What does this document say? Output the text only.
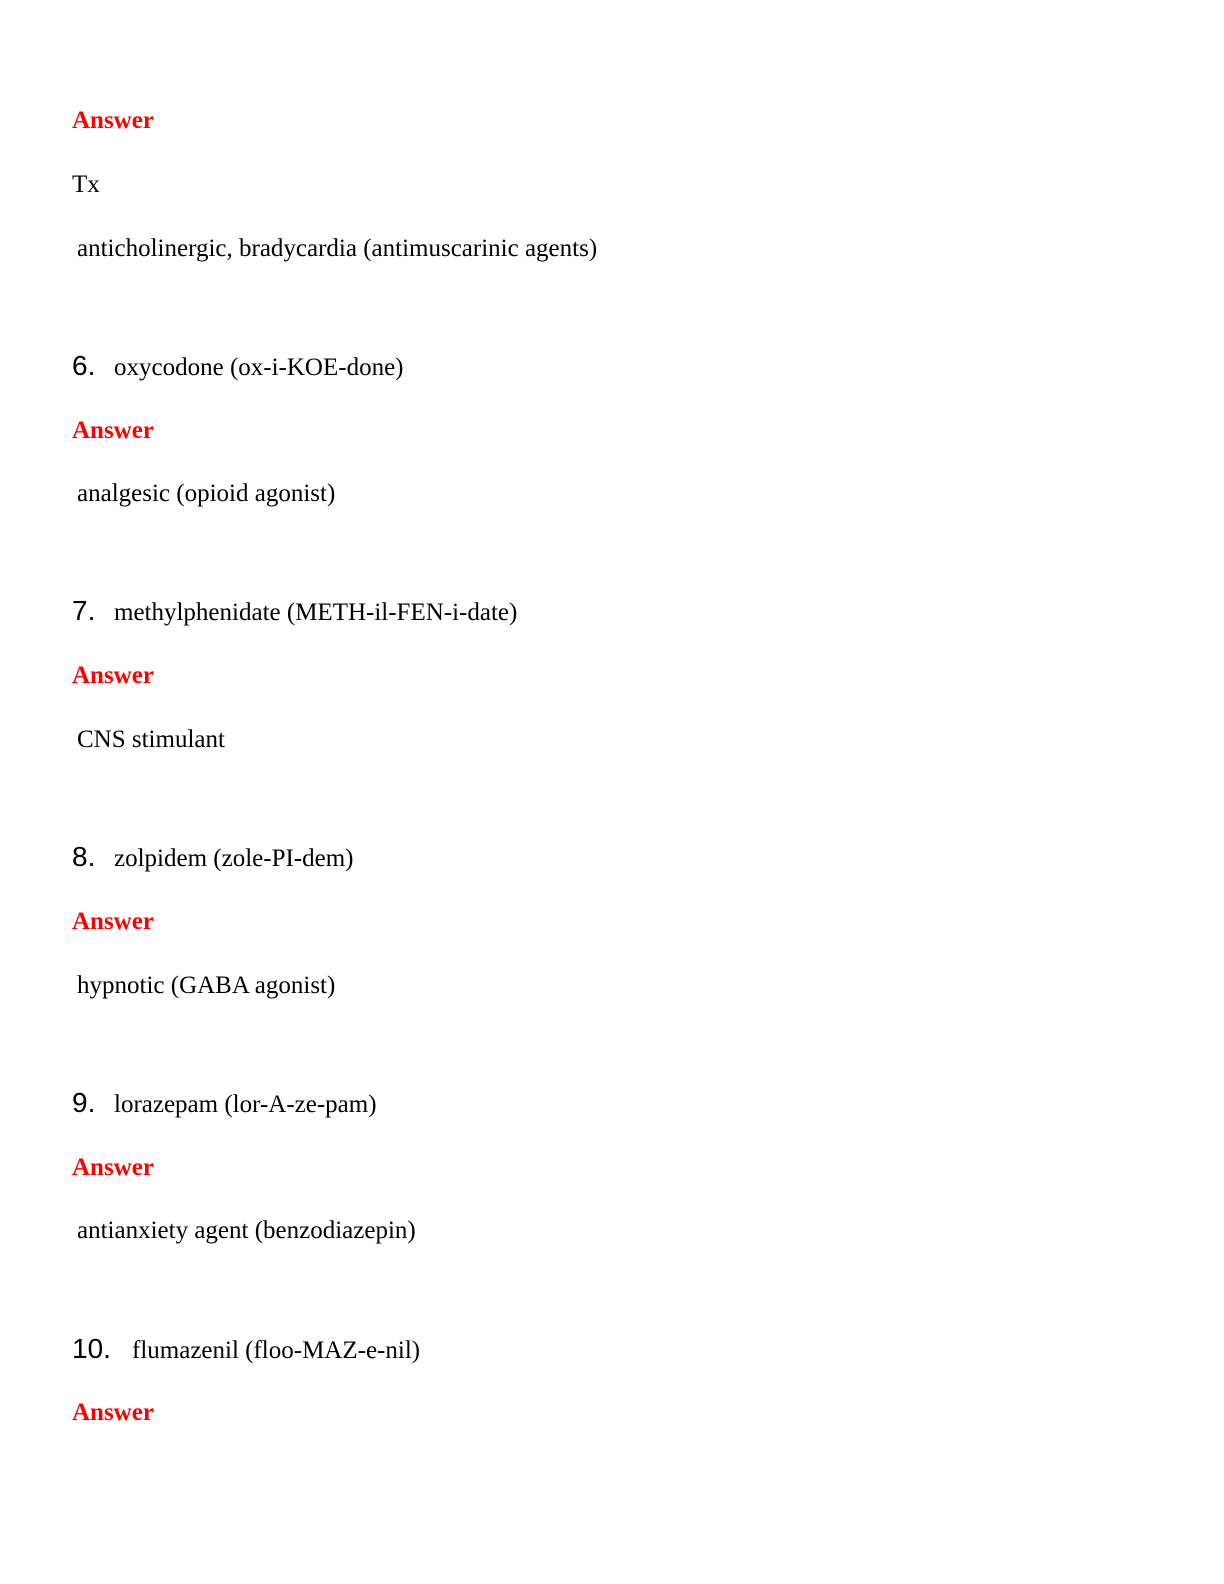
Answer
Tx
anticholinergic, bradycardia (antimuscarinic agents)
6. oxycodone (ox-i-KOE-done)
Answer
analgesic (opioid agonist)
7. methylphenidate (METH-il-FEN-i-date)
Answer
CNS stimulant
8. zolpidem (zole-PI-dem)
Answer
hypnotic (GABA agonist)
9. lorazepam (lor-A-ze-pam)
Answer
antianxiety agent (benzodiazepin)
10. flumazenil (floo-MAZ-e-nil)
Answer
